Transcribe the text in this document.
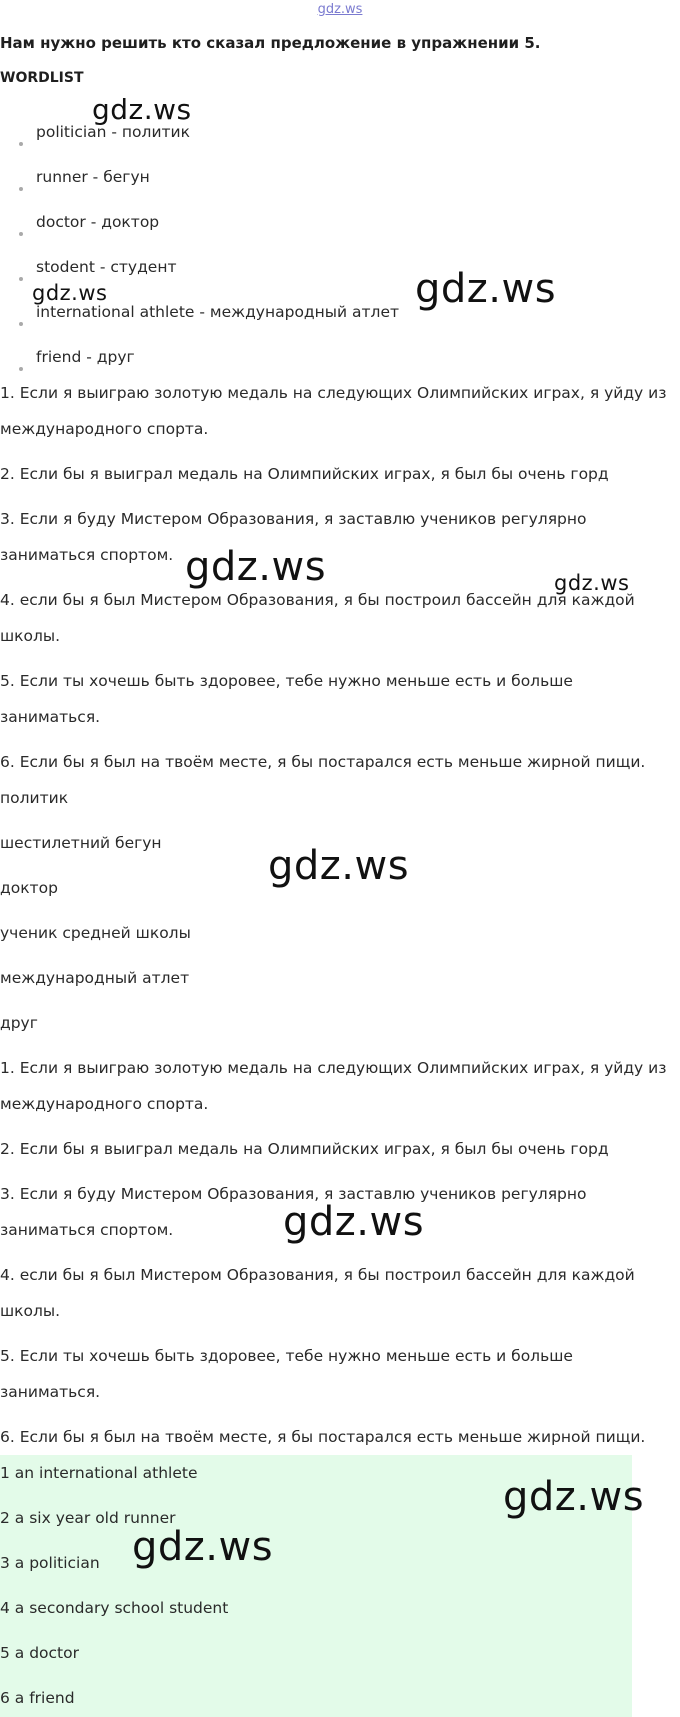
gdz.ws
Нам нужно решить кто сказал предложение в упражнении 5.
WORDLIST
politician - политик
runner - бегун
doctor - доктор
stodent - студент
international athlete - международный атлет
friend - друг
1. Если я выиграю золотую медаль на следующих Олимпийских играх, я уйду из
международного спорта.
2. Если бы я выиграл медаль на Олимпийских играх, я был бы очень горд
3. Если я буду Мистером Образования, я заставлю учеников регулярно
заниматься спортом.
4. если бы я был Мистером Образования, я бы построил бассейн для каждой
школы.
5. Если ты хочешь быть здоровее, тебе нужно меньше есть и больше
заниматься.
6. Если бы я был на твоём месте, я бы постарался есть меньше жирной пищи.
политик
шестилетний бегун
доктор
ученик средней школы
международный атлет
друг
1. Если я выиграю золотую медаль на следующих Олимпийских играх, я уйду из
международного спорта.
2. Если бы я выиграл медаль на Олимпийских играх, я был бы очень горд
3. Если я буду Мистером Образования, я заставлю учеников регулярно
заниматься спортом.
4. если бы я был Мистером Образования, я бы построил бассейн для каждой
школы.
5. Если ты хочешь быть здоровее, тебе нужно меньше есть и больше
заниматься.
6. Если бы я был на твоём месте, я бы постарался есть меньше жирной пищи.
1 an international athlete
2 a six year old runner
3 a politician
4 a secondary school student
5 a doctor
6 a friend
gdz.ws
gdz.ws
gdz.ws
gdz.ws	gdz.ws
gdz.ws
gdz.ws
gdz.ws
gdz.ws
